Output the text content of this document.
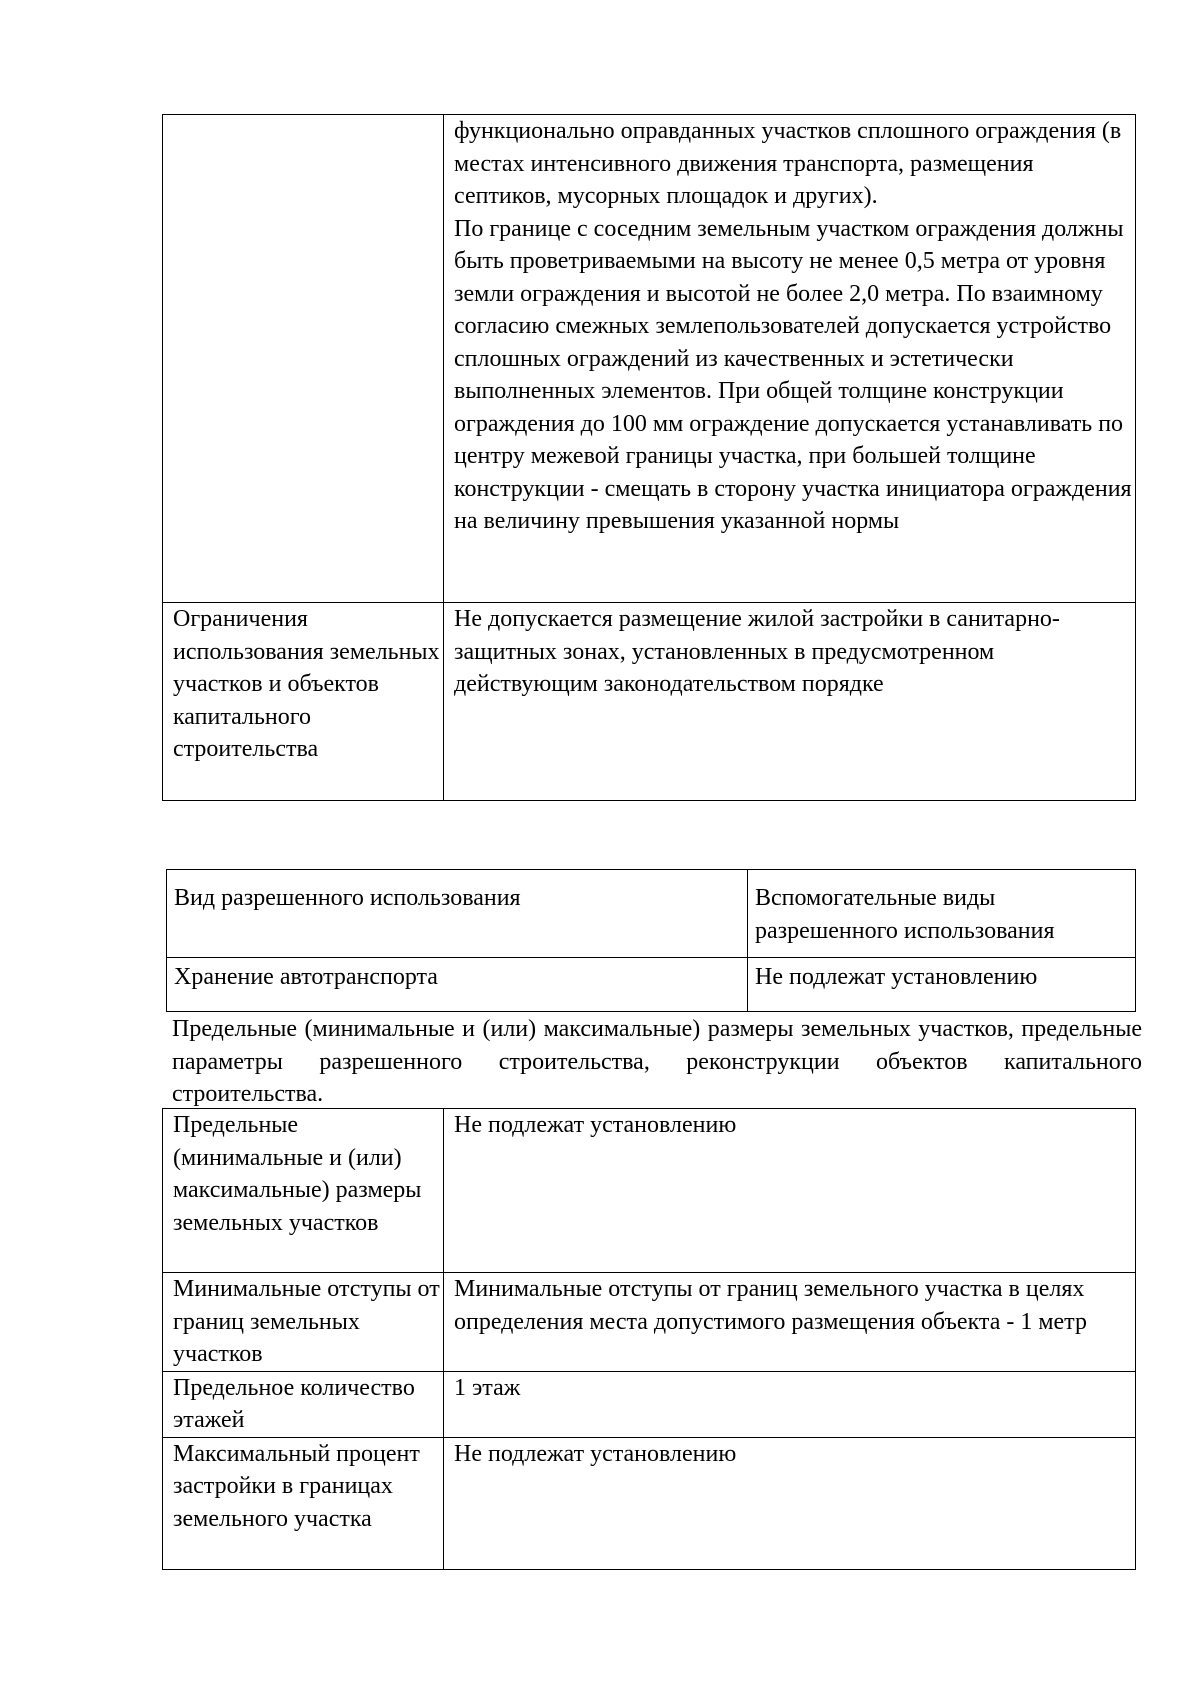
	функционально оправданных участков сплошного ограждения (в местах интенсивного движения транспорта, размещения септиков, мусорных площадок и других).

По границе с соседним земельным участком ограждения должны быть проветриваемыми на высоту не менее 0,5 метра от уровня земли ограждения и высотой не более 2,0 метра. По взаимному согласию смежных землепользователей допускается устройство сплошных ограждений из качественных и эстетически выполненных элементов. При общей толщине конструкции ограждения до 100 мм ограждение допускается устанавливать по центру межевой границы участка, при большей толщине конструкции - смещать в сторону участка инициатора ограждения на величину превышения указанной нормы

Ограничения использования земельных участков и объектов капитального строительства	Не допускается размещение жилой застройки в санитарно-защитных зонах, установленных в предусмотренном действующим законодательством порядке

Вид разрешенного использования	Вспомогательные виды разрешенного использования
Хранение автотранспорта	Не подлежат установлению

Предельные (минимальные и (или) максимальные) размеры земельных участков, предельные параметры разрешенного строительства, реконструкции объектов капитального строительства.

Предельные (минимальные и (или) максимальные) размеры земельных участков	Не подлежат установлению
Минимальные отступы от границ земельных участков	Минимальные отступы от границ земельного участка в целях определения места допустимого размещения объекта - 1 метр
Предельное количество этажей	1 этаж
Максимальный процент застройки в границах земельного участка	Не подлежат установлению
